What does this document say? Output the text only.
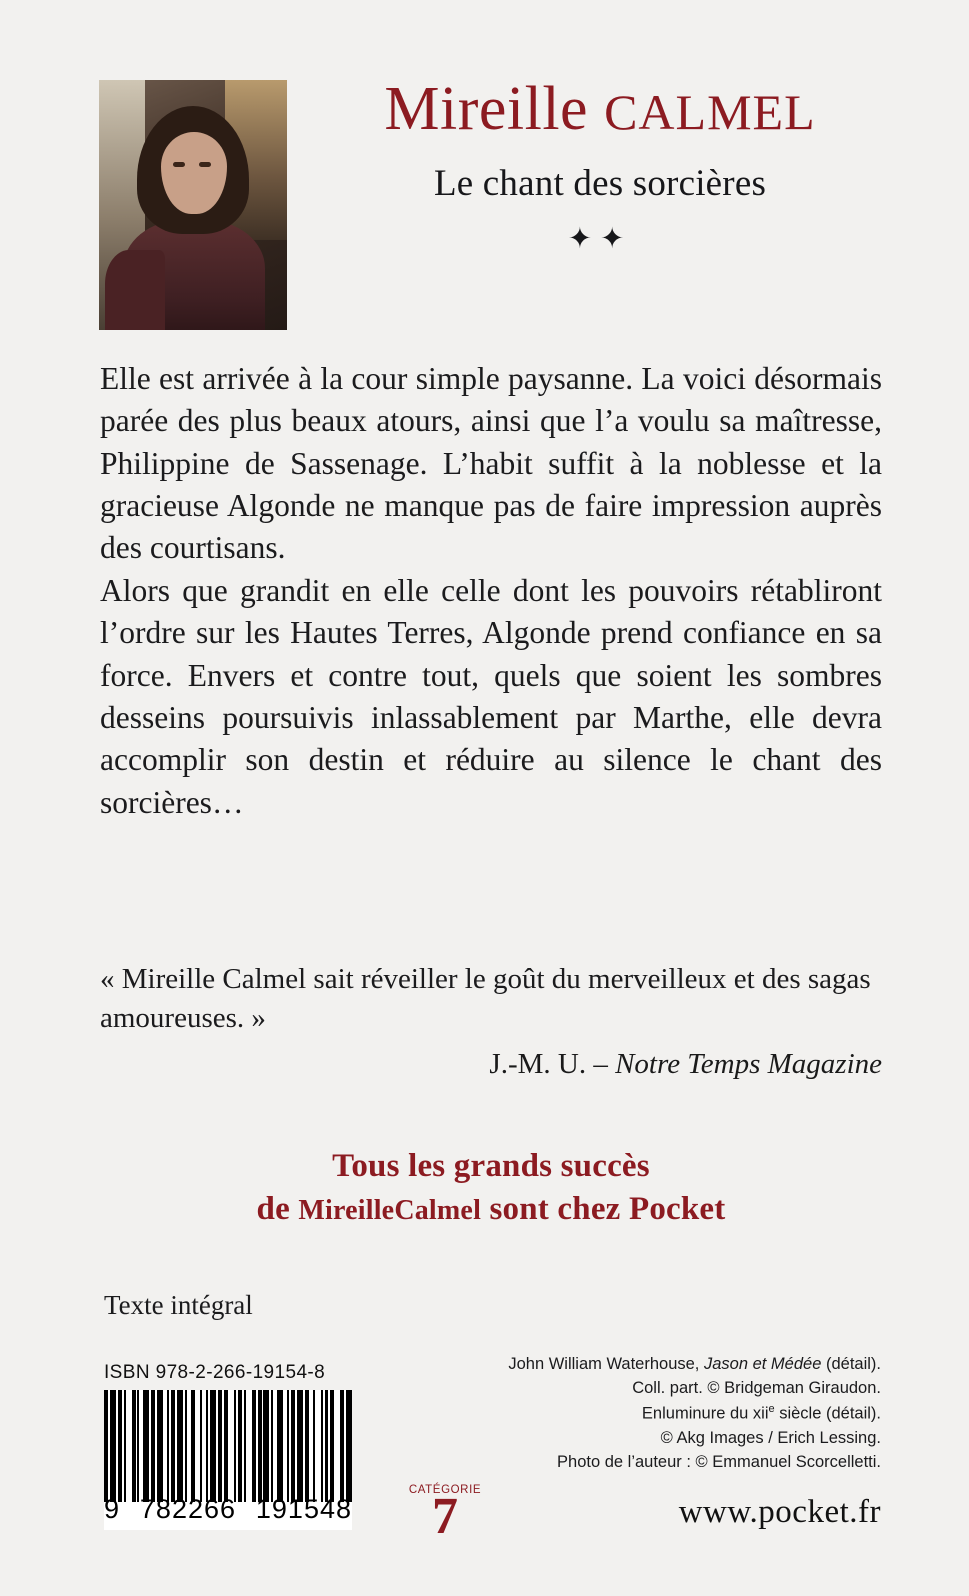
Mireille CALMEL
Le chant des sorcières
✦✦

Elle est arrivée à la cour simple paysanne. La voici désormais parée des plus beaux atours, ainsi que l’a voulu sa maîtresse, Philippine de Sassenage. L’habit suffit à la noblesse et la gracieuse Algonde ne manque pas de faire impression auprès des courtisans.

Alors que grandit en elle celle dont les pouvoirs rétabliront l’ordre sur les Hautes Terres, Algonde prend confiance en sa force. Envers et contre tout, quels que soient les sombres desseins poursuivis inlassablement par Marthe, elle devra accomplir son destin et réduire au silence le chant des sorcières…

« Mireille Calmel sait réveiller le goût du merveilleux et des sagas amoureuses. »

J.-M. U. – Notre Temps Magazine
Tous les grands succès
de MireilleCalmel sont chez Pocket
Texte intégral
ISBN 978-2-266-19154-8
9 782266 191548
John William Waterhouse, Jason et Médée (détail).
Coll. part. © Bridgeman Giraudon.
Enluminure du xii$^e$ siècle (détail).
© Akg Images / Erich Lessing.
Photo de l’auteur : © Emmanuel Scorcelletti.
CATÉGORIE
7	www.pocket.fr
